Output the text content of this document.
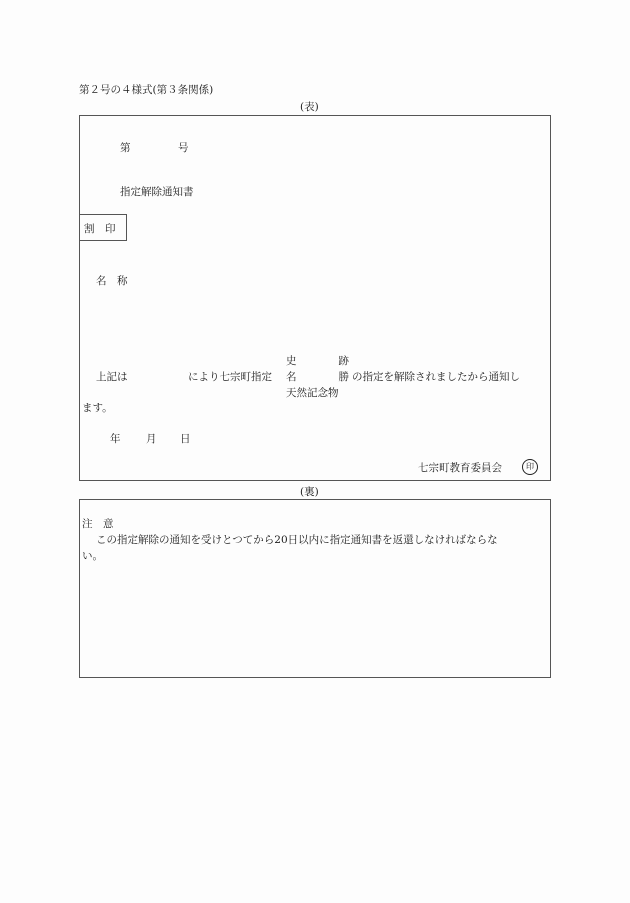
第２号の４様式(第３条関係)
(表)
第	号
指定解除通知書
割　印
名　称
史　　　　跡
上記は	により七宗町指定 名　　　　勝 の指定を解除されましたから通知し
天然記念物
ます。
年 月 日
七宗町教育委員会	印
(裏)
注　意
この指定解除の通知を受けとつてから20日以内に指定通知書を返還しなければならな
い。
